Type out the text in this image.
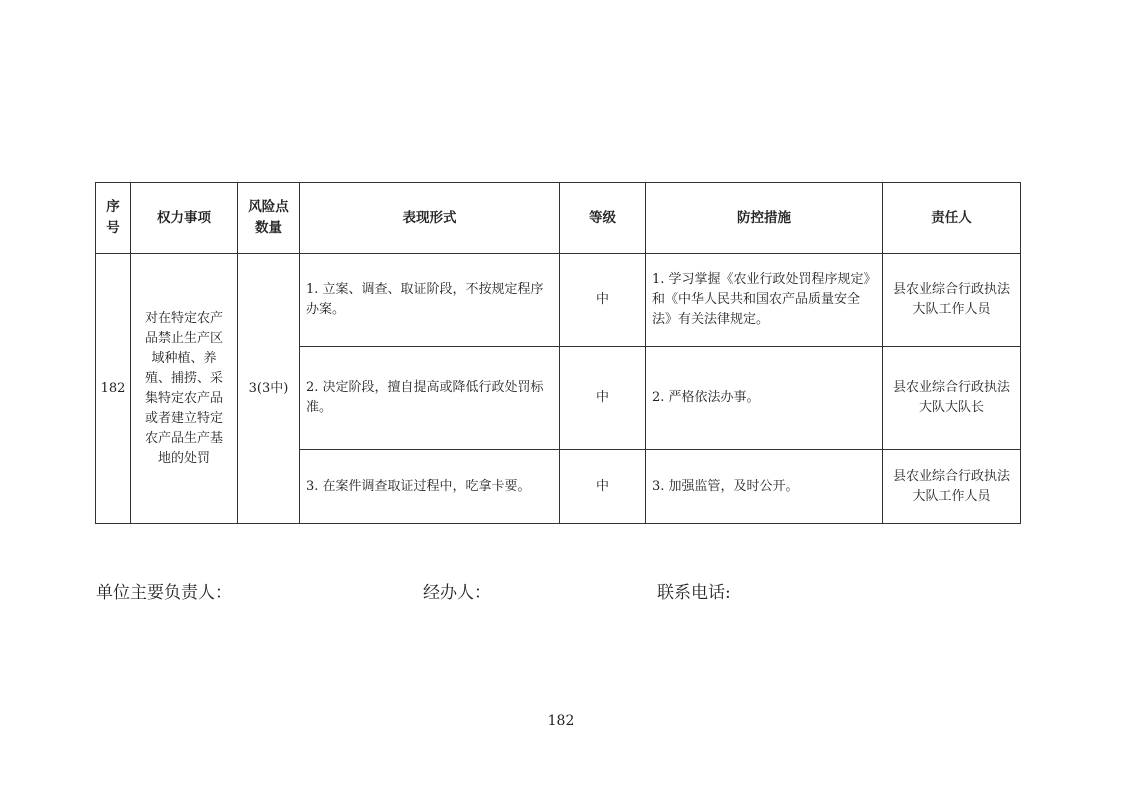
序号	权力事项	风险点数量	表现形式	等级	防控措施	责任人
182	对在特定农产品禁止生产区域种植、养殖、捕捞、采集特定农产品或者建立特定农产品生产基地的处罚	3(3中)	1. 立案、调查、取证阶段，不按规定程序办案。	中	1. 学习掌握《农业行政处罚程序规定》和《中华人民共和国农产品质量安全法》有关法律规定。	县农业综合行政执法大队工作人员
			2. 决定阶段，擅自提高或降低行政处罚标准。	中	2. 严格依法办事。	县农业综合行政执法大队大队长
			3. 在案件调查取证过程中，吃拿卡要。	中	3. 加强监管，及时公开。	县农业综合行政执法大队工作人员
单位主要负责人：	经办人：	联系电话:
182
